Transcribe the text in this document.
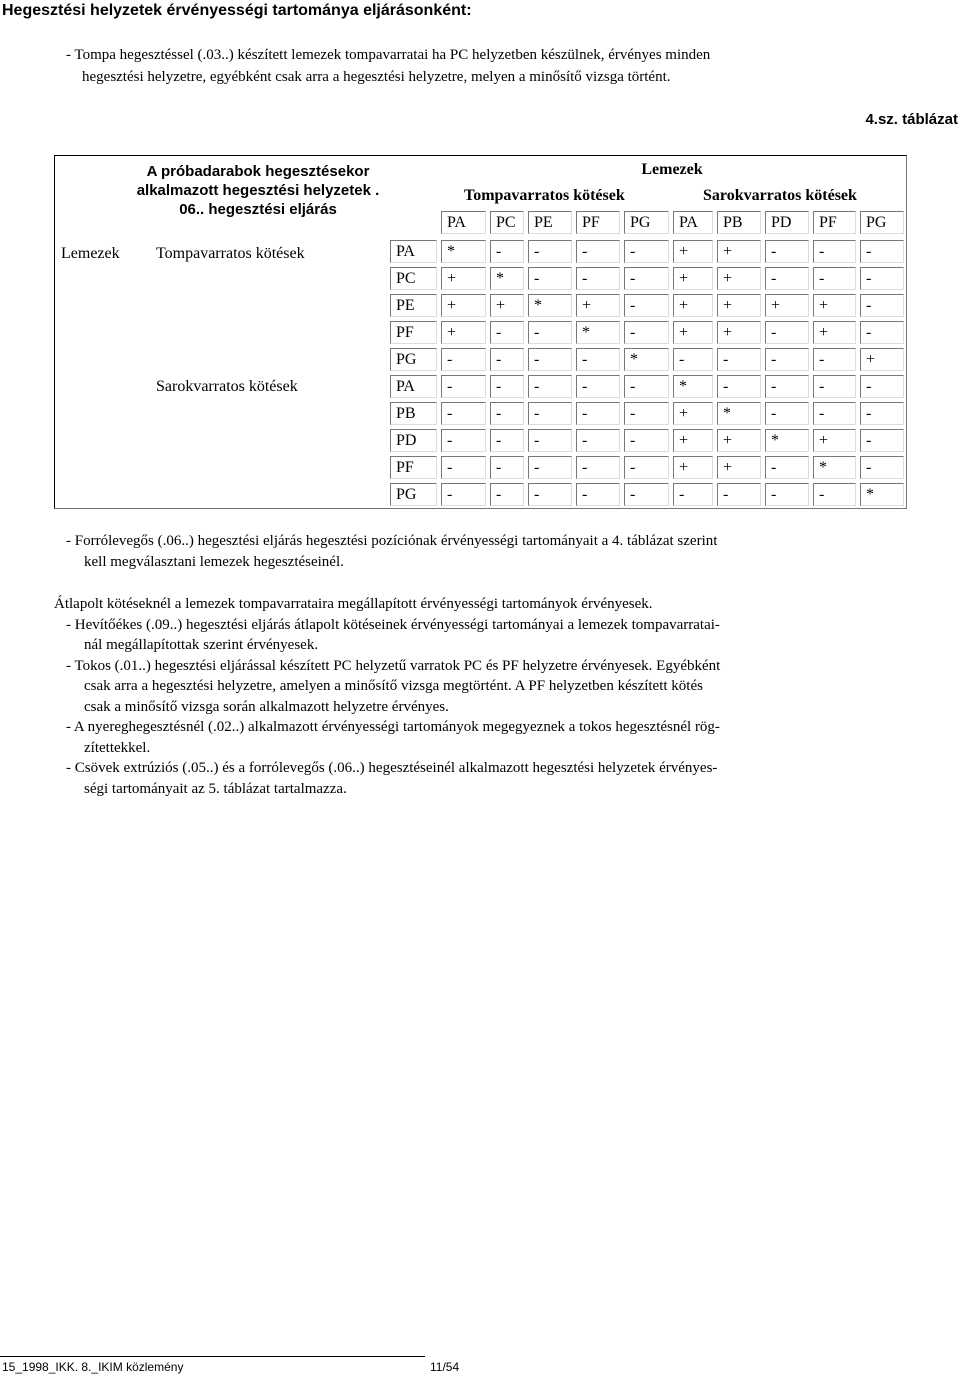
Hegesztési helyzetek érvényességi tartománya eljárásonként:
- Tompa hegesztéssel (.03..) készített lemezek tompavarratai ha PC helyzetben készülnek, érvényes minden
hegesztési helyzetre, egyébként csak arra a hegesztési helyzetre, melyen a minősítő vizsga történt.
4.sz. táblázat
A próbadarabok hegesztésekor
alkalmazott hegesztési helyzetek .
06.. hegesztési eljárás
Lemezek
Tompavarratos kötések	Sarokvarratos kötések
Lemezek Tompavarratos kötések
Sarokvarratos kötések
PA	PC	PE	PF	PG	PA	PB	PD	PF	PG
PA	*	-	-	-	-	+	+	-	-	-
PC	+	*	-	-	-	+	+	-	-	-
PE	+	+	*	+	-	+	+	+	+	-
PF	+	-	-	*	-	+	+	-	+	-
PG	-	-	-	-	*	-	-	-	-	+
PA	-	-	-	-	-	*	-	-	-	-
PB	-	-	-	-	-	+	*	-	-	-
PD	-	-	-	-	-	+	+	*	+	-
PF	-	-	-	-	-	+	+	-	*	-
PG	-	-	-	-	-	-	-	-	-	*
- Forrólevegős (.06..) hegesztési eljárás hegesztési pozíciónak érvényességi tartományait a 4. táblázat szerint
kell megválasztani lemezek hegesztéseinél.
Átlapolt kötéseknél a lemezek tompavarrataira megállapított érvényességi tartományok érvényesek.
- Hevítőékes (.09..) hegesztési eljárás átlapolt kötéseinek érvényességi tartományai a lemezek tompavarratai-
nál megállapítottak szerint érvényesek.
- Tokos (.01..) hegesztési eljárással készített PC helyzetű varratok PC és PF helyzetre érvényesek. Egyébként
csak arra a hegesztési helyzetre, amelyen a minősítő vizsga megtörtént. A PF helyzetben készített kötés
csak a minősítő vizsga során alkalmazott helyzetre érvényes.
- A nyereghegesztésnél (.02..) alkalmazott érvényességi tartományok megegyeznek a tokos hegesztésnél rög-
zítettekkel.
- Csövek extrúziós (.05..) és a forrólevegős (.06..) hegesztéseinél alkalmazott hegesztési helyzetek érvényes-
ségi tartományait az 5. táblázat tartalmazza.
15_1998_IKK. 8._IKIM közlemény	11/54
